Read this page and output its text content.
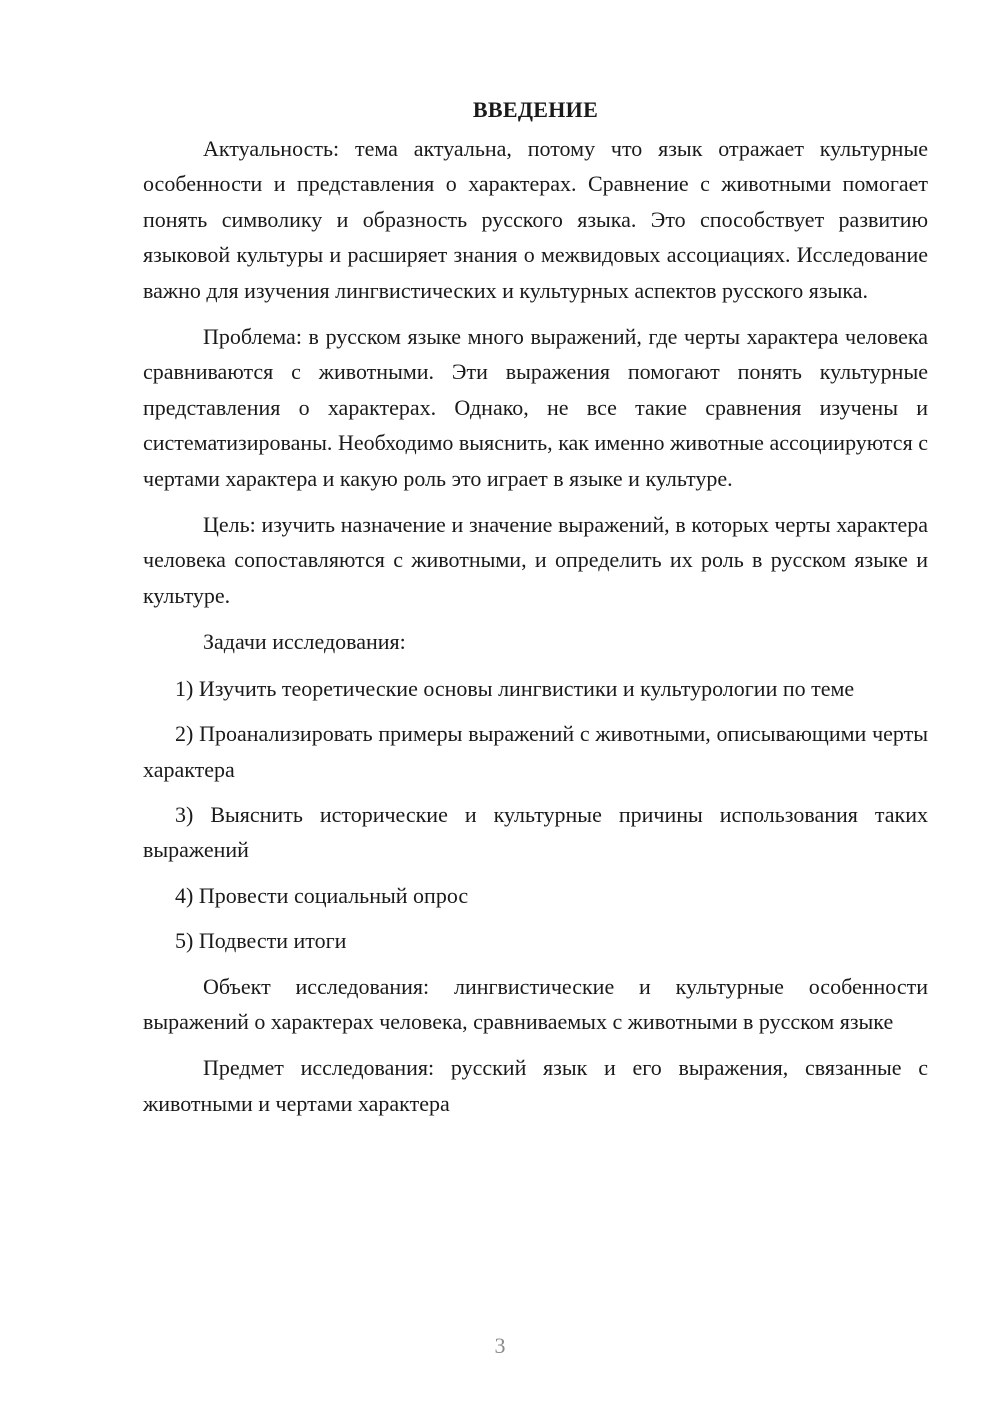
ВВЕДЕНИЕ

Актуальность: тема актуальна, потому что язык отражает культурные особенности и представления о характерах. Сравнение с животными помогает понять символику и образность русского языка. Это способствует развитию языковой культуры и расширяет знания о межвидовых ассоциациях. Исследование важно для изучения лингвистических и культурных аспектов русского языка.

Проблема: в русском языке много выражений, где черты характера человека сравниваются с животными. Эти выражения помогают понять культурные представления о характерах. Однако, не все такие сравнения изучены и систематизированы. Необходимо выяснить, как именно животные ассоциируются с чертами характера и какую роль это играет в языке и культуре.

Цель: изучить назначение и значение выражений, в которых черты характера человека сопоставляются с животными, и определить их роль в русском языке и культуре.

Задачи исследования:

1) Изучить теоретические основы лингвистики и культурологии по теме

2) Проанализировать примеры выражений с животными, описывающими черты характера

3) Выяснить исторические и культурные причины использования таких выражений

4) Провести социальный опрос

5) Подвести итоги

Объект исследования: лингвистические и культурные особенности выражений о характерах человека, сравниваемых с животными в русском языке

Предмет исследования: русский язык и его выражения, связанные с животными и чертами характера

3
